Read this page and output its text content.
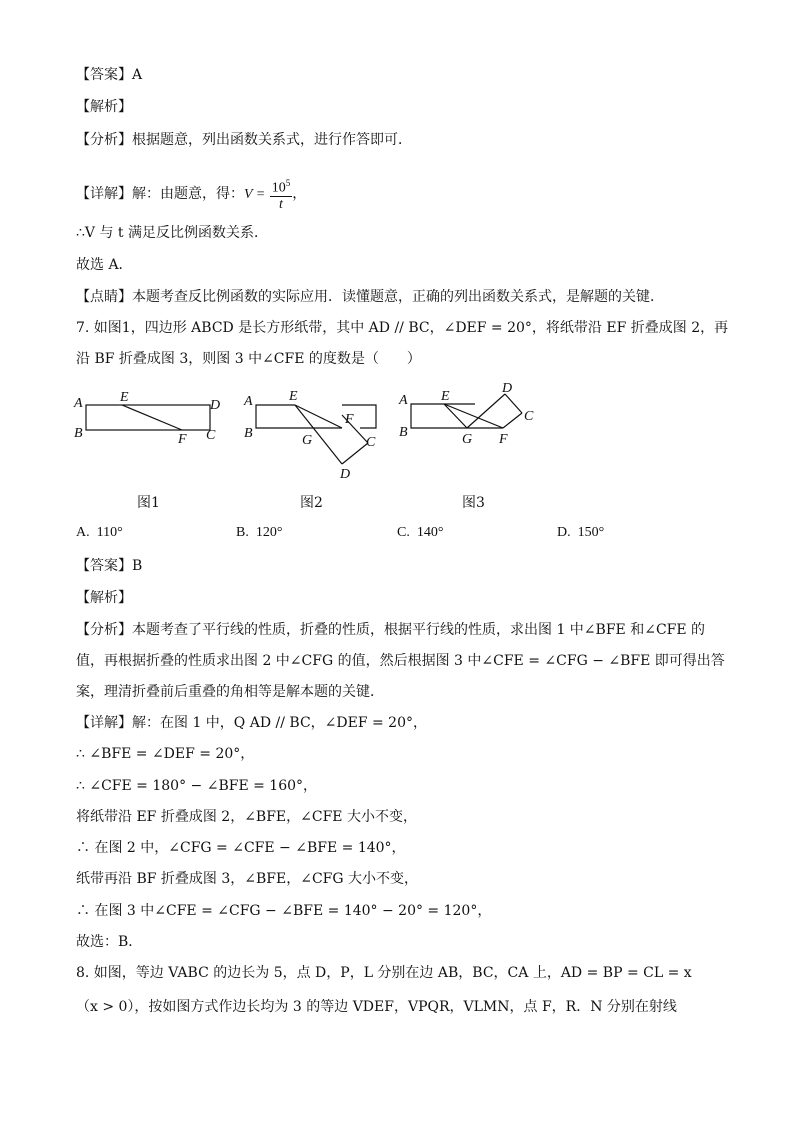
【答案】A
【解析】
【分析】根据题意，列出函数关系式，进行作答即可．
【详解】解：由题意，得：$V = \frac{10^5}{t}$ ，
∴V 与 t 满足反比例函数关系．
故选 A．
【点睛】本题考查反比例函数的实际应用．读懂题意，正确的列出函数关系式，是解题的关键．
7. 如图1，四边形 ABCD 是长方形纸带，其中 AD // BC，∠DEF = 20°，将纸带沿 EF 折叠成图 2，再
沿 BF 折叠成图 3，则图 3 中∠CFE 的度数是（　　）
A
B
E
D
F C
A
B
E
F
G	C
D
A
B
E
G F
D
C
图1	图2	图3
A. 110°	B. 120°	C. 140°	D. 150°
【答案】B
【解析】
【分析】本题考查了平行线的性质，折叠的性质，根据平行线的性质，求出图 1 中∠BFE 和∠CFE 的
值，再根据折叠的性质求出图 2 中∠CFG 的值，然后根据图 3 中∠CFE = ∠CFG − ∠BFE 即可得出答
案，理清折叠前后重叠的角相等是解本题的关键．
【详解】解：在图 1 中，Q AD // BC，∠DEF = 20°，
∴ ∠BFE = ∠DEF = 20°，
∴ ∠CFE = 180° − ∠BFE = 160°，
将纸带沿 EF 折叠成图 2，∠BFE，∠CFE 大小不变，
∴ 在图 2 中，∠CFG = ∠CFE − ∠BFE = 140°，
纸带再沿 BF 折叠成图 3，∠BFE，∠CFG 大小不变，
∴ 在图 3 中∠CFE = ∠CFG − ∠BFE = 140° − 20° = 120°，
故选：B．
8. 如图，等边 VABC 的边长为 5，点 D，P，L 分别在边 AB，BC，CA 上，AD = BP = CL = x
（x > 0），按如图方式作边长均为 3 的等边 VDEF，VPQR，VLMN，点 F，R．N 分别在射线
